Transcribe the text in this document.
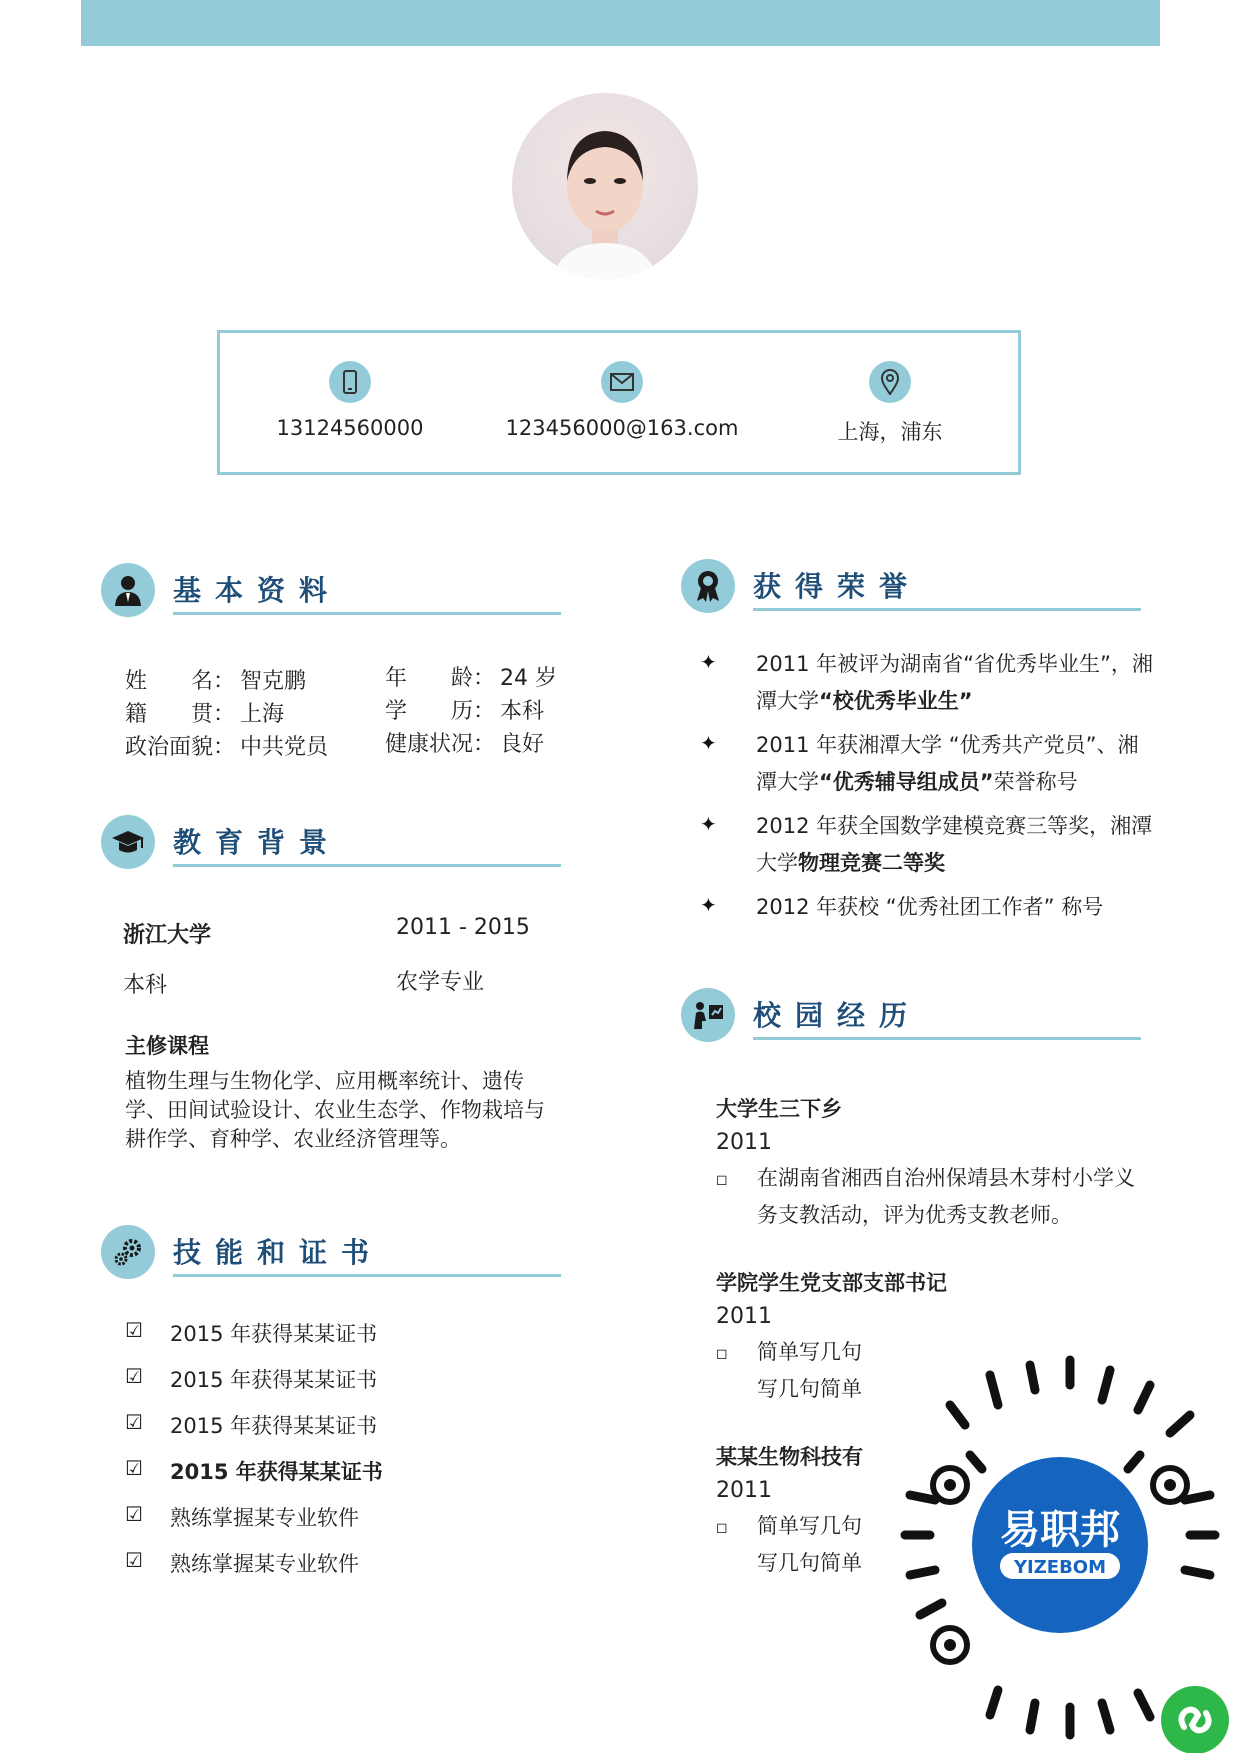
13124560000	123456000@163.com	上海，浦东
基本资料
姓　　名： 智克鹏	年　　龄： 24 岁
籍　　贯： 上海	学　　历： 本科
政治面貌： 中共党员	健康状况： 良好
教育背景
浙江大学	2011 - 2015
本科	农学专业
主修课程
植物生理与生物化学、应用概率统计、遗传学、田间试验设计、农业生态学、作物栽培与耕作学、育种学、农业经济管理等。
技能和证书
☑ 2015 年获得某某证书
☑ 2015 年获得某某证书
☑ 2015 年获得某某证书
☑ 2015 年获得某某证书
☑ 熟练掌握某专业软件
☑ 熟练掌握某专业软件
获得荣誉
✦ 2011 年被评为湖南省“省优秀毕业生”，湘潭大学“校优秀毕业生”
✦ 2011 年获湘潭大学 “优秀共产党员”、湘潭大学“优秀辅导组成员”荣誉称号
✦ 2012 年获全国数学建模竞赛三等奖，湘潭大学物理竞赛二等奖
✦ 2012 年获校 “优秀社团工作者” 称号
校园经历
大学生三下乡
2011
◻ 在湖南省湘西自治州保靖县木芽村小学义 务支教活动，评为优秀支教老师。
学院学生党支部支部书记
2011
◻ 简单写几句 写几句简单
某某生物科技有
2011
◻ 简单写几句 写几句简单
易职邦
YIZEBOM
